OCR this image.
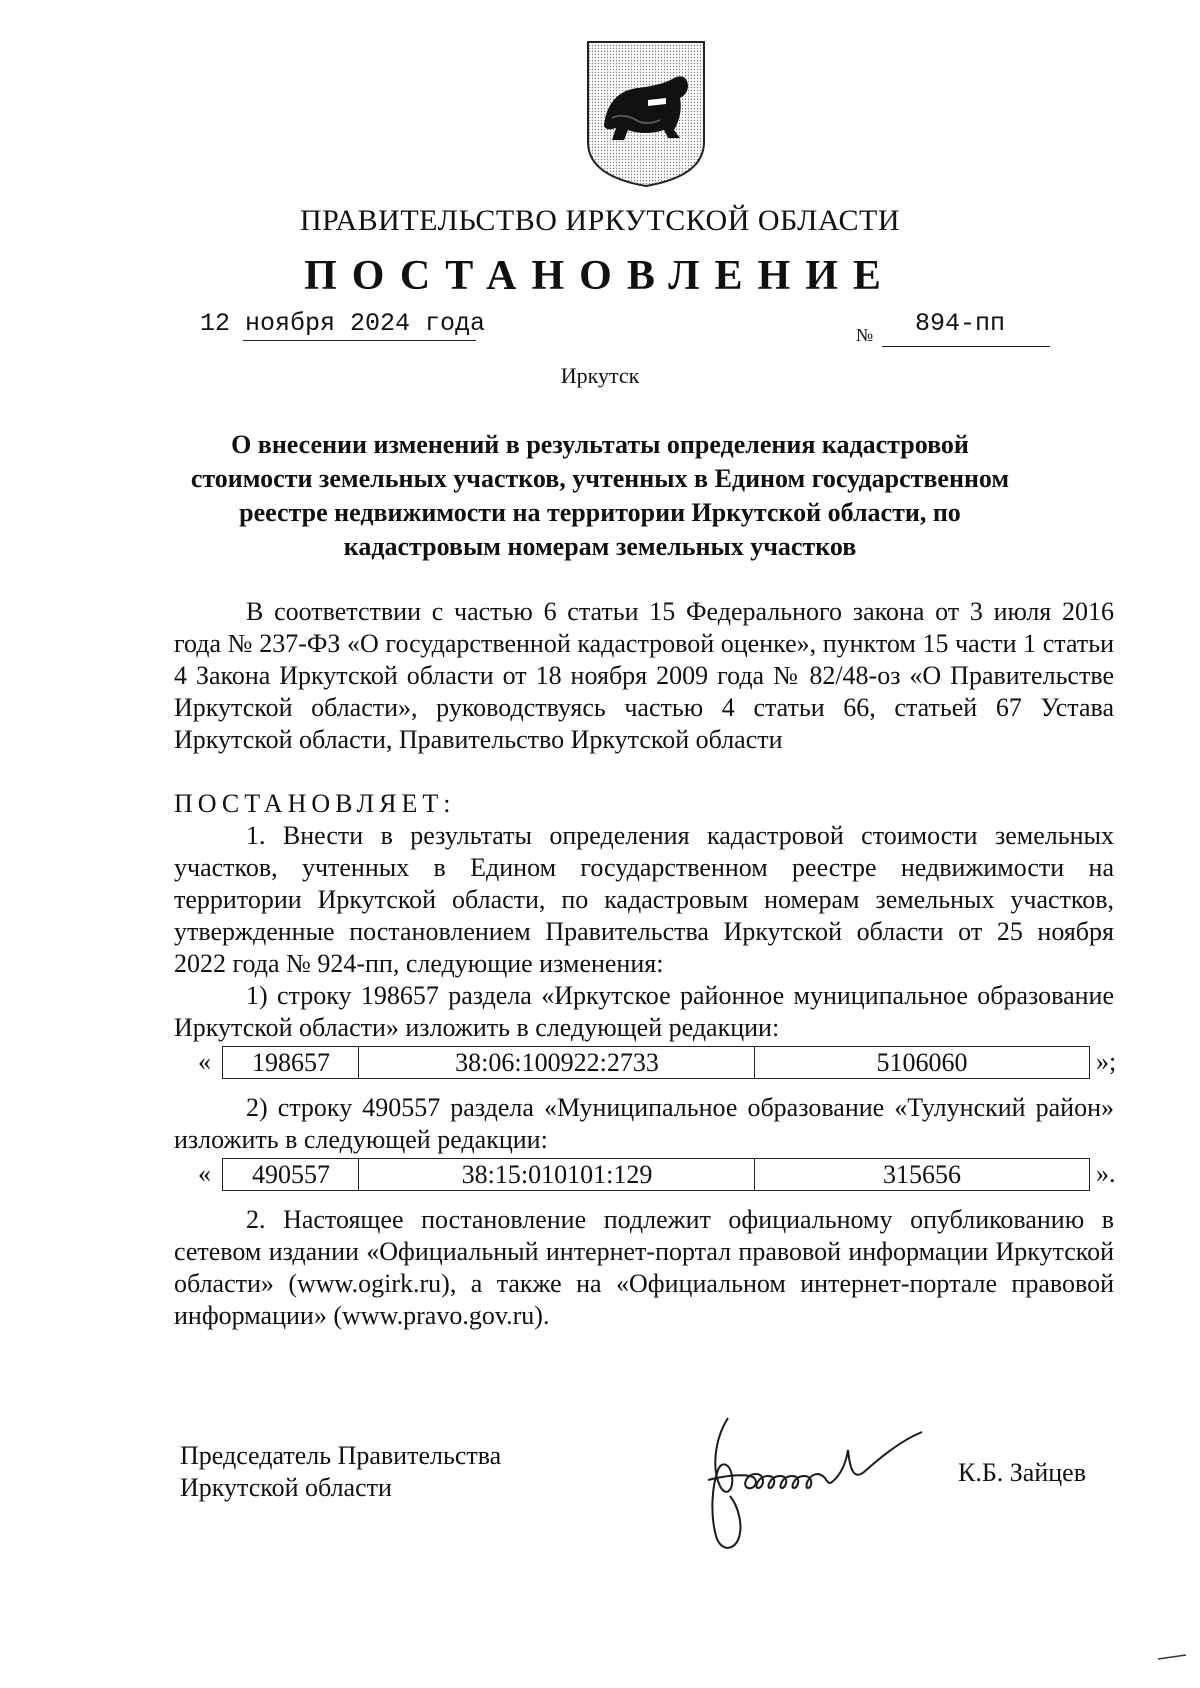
ПРАВИТЕЛЬСТВО ИРКУТСКОЙ ОБЛАСТИ
ПОСТАНОВЛЕНИЕ
12 ноября 2024 года	№ 894-пп
Иркутск
О внесении изменений в результаты определения кадастровой стоимости земельных участков, учтенных в Едином государственном реестре недвижимости на территории Иркутской области, по кадастровым номерам земельных участков
В соответствии с частью 6 статьи 15 Федерального закона от 3 июля 2016 года № 237-ФЗ «О государственной кадастровой оценке», пунктом 15 части 1 статьи 4 Закона Иркутской области от 18 ноября 2009 года № 82/48-оз «О Правительстве Иркутской области», руководствуясь частью 4 статьи 66, статьей 67 Устава Иркутской области, Правительство Иркутской области
ПОСТАНОВЛЯЕТ:
1. Внести в результаты определения кадастровой стоимости земельных участков, учтенных в Едином государственном реестре недвижимости на территории Иркутской области, по кадастровым номерам земельных участков, утвержденные постановлением Правительства Иркутской области от 25 ноября 2022 года № 924-пп, следующие изменения:
1) строку 198657 раздела «Иркутское районное муниципальное образование Иркутской области» изложить в следующей редакции:
«	198657	38:06:100922:2733	5106060	»;
2) строку 490557 раздела «Муниципальное образование «Тулунский район» изложить в следующей редакции:
«	490557	38:15:010101:129	315656	».
2. Настоящее постановление подлежит официальному опубликованию в сетевом издании «Официальный интернет-портал правовой информации Иркутской области» (www.ogirk.ru), а также на «Официальном интернет-портале правовой информации» (www.pravo.gov.ru).
Председатель Правительства
Иркутской области
К.Б. Зайцев
